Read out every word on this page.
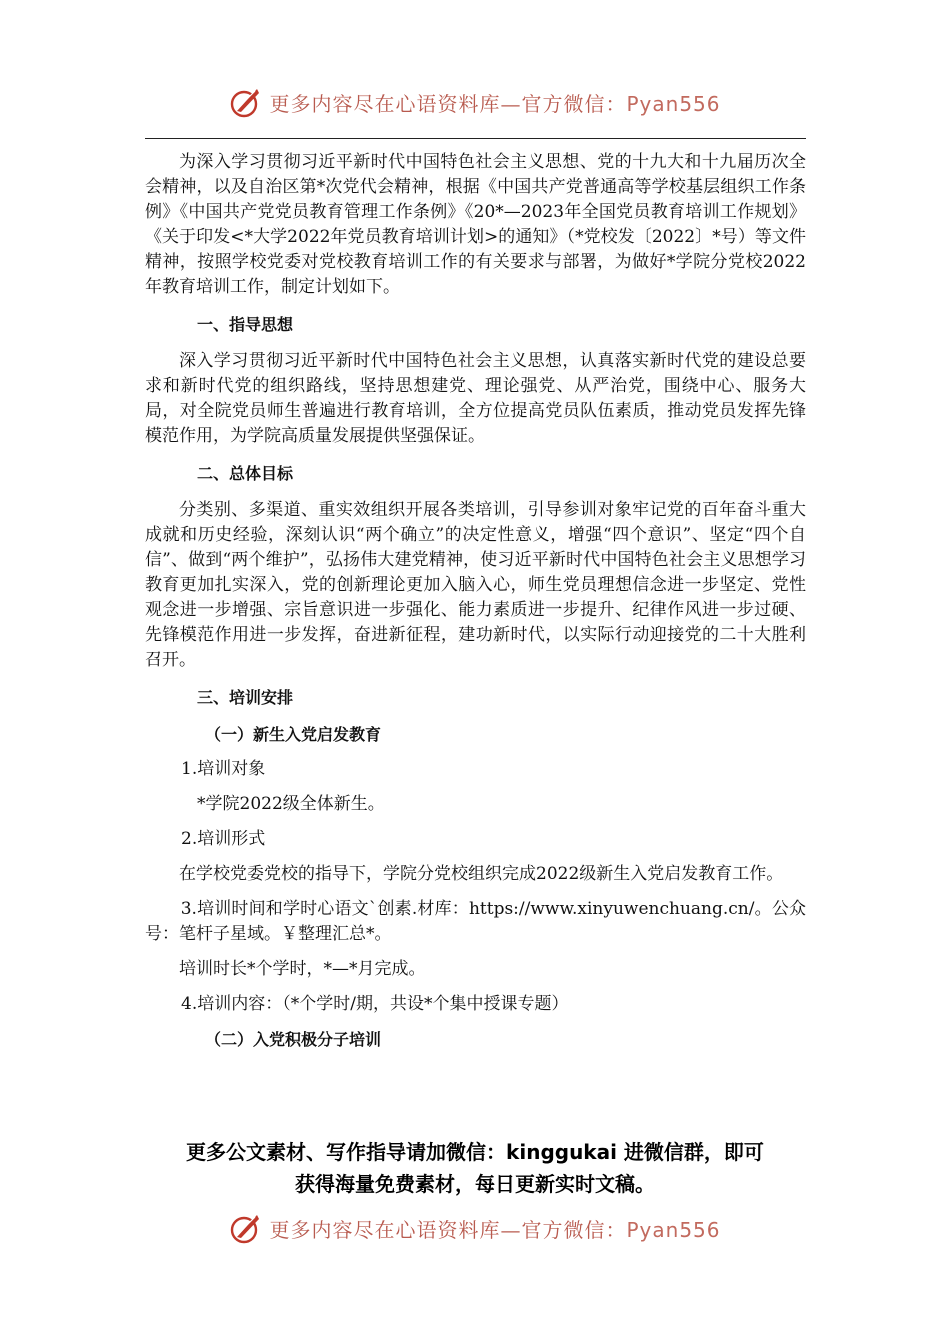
更多内容尽在心语资料库—官方微信：Pyan556

为深入学习贯彻习近平新时代中国特色社会主义思想、党的十九大和十九届历次全会精神，以及自治区第*次党代会精神，根据《中国共产党普通高等学校基层组织工作条例》《中国共产党党员教育管理工作条例》《20*—2023年全国党员教育培训工作规划》《关于印发<*大学2022年党员教育培训计划>的通知》（*党校发〔2022〕*号）等文件精神，按照学校党委对党校教育培训工作的有关要求与部署，为做好*学院分党校2022年教育培训工作，制定计划如下。

一、指导思想

深入学习贯彻习近平新时代中国特色社会主义思想，认真落实新时代党的建设总要求和新时代党的组织路线，坚持思想建党、理论强党、从严治党，围绕中心、服务大局，对全院党员师生普遍进行教育培训，全方位提高党员队伍素质，推动党员发挥先锋模范作用，为学院高质量发展提供坚强保证。

二、总体目标

分类别、多渠道、重实效组织开展各类培训，引导参训对象牢记党的百年奋斗重大成就和历史经验，深刻认识“两个确立”的决定性意义，增强“四个意识”、坚定“四个自信”、做到“两个维护”，弘扬伟大建党精神，使习近平新时代中国特色社会主义思想学习教育更加扎实深入，党的创新理论更加入脑入心，师生党员理想信念进一步坚定、党性观念进一步增强、宗旨意识进一步强化、能力素质进一步提升、纪律作风进一步过硬、先锋模范作用进一步发挥，奋进新征程，建功新时代，以实际行动迎接党的二十大胜利召开。

三、培训安排

（一）新生入党启发教育

1.培训对象

*学院2022级全体新生。

2.培训形式

在学校党委党校的指导下，学院分党校组织完成2022级新生入党启发教育工作。

3.培训时间和学时心语文`创素.材库：https://www.xinyuwenchuang.cn/。公众号：笔杆子星域。￥整理汇总*。

培训时长*个学时，*—*月完成。

4.培训内容：（*个学时/期，共设*个集中授课专题）

（二）入党积极分子培训

更多公文素材、写作指导请加微信：kinggukai 进微信群，即可
获得海量免费素材，每日更新实时文稿。
更多内容尽在心语资料库—官方微信：Pyan556
